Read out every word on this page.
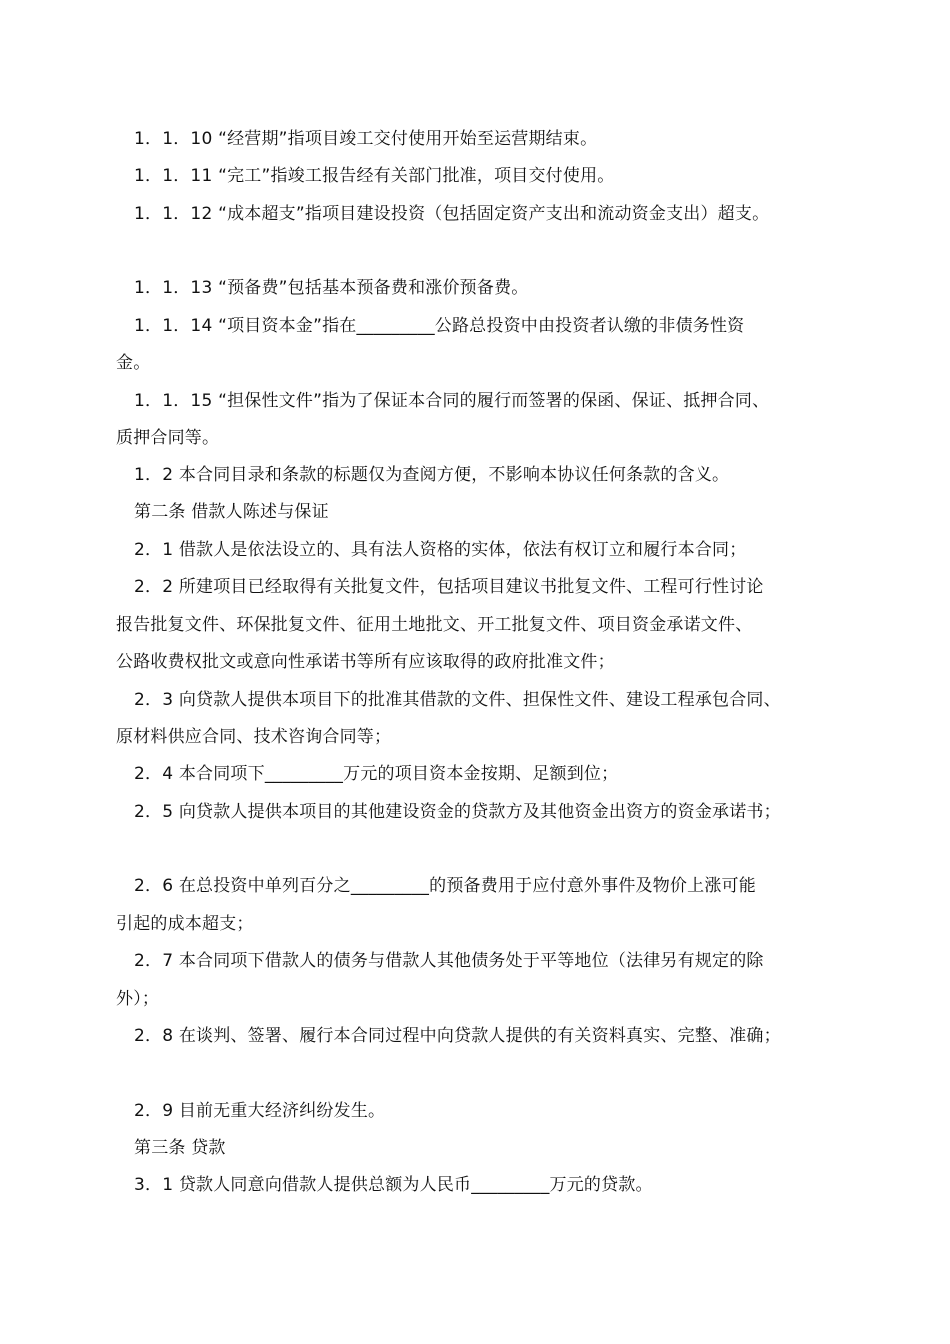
1．1．10 “经营期”指项目竣工交付使用开始至运营期结束。
1．1．11 “完工”指竣工报告经有关部门批准，项目交付使用。
1．1．12 “成本超支”指项目建设投资（包括固定资产支出和流动资金支出）超支。
1．1．13 “预备费”包括基本预备费和涨价预备费。
1．1．14 “项目资本金”指在_________公路总投资中由投资者认缴的非债务性资
金。
1．1．15 “担保性文件”指为了保证本合同的履行而签署的保函、保证、抵押合同、
质押合同等。
1．2 本合同目录和条款的标题仅为查阅方便，不影响本协议任何条款的含义。
第二条 借款人陈述与保证
2．1 借款人是依法设立的、具有法人资格的实体，依法有权订立和履行本合同；
2．2 所建项目已经取得有关批复文件，包括项目建议书批复文件、工程可行性讨论
报告批复文件、环保批复文件、征用土地批文、开工批复文件、项目资金承诺文件、
公路收费权批文或意向性承诺书等所有应该取得的政府批准文件；
2．3 向贷款人提供本项目下的批准其借款的文件、担保性文件、建设工程承包合同、
原材料供应合同、技术咨询合同等；
2．4 本合同项下_________万元的项目资本金按期、足额到位；
2．5 向贷款人提供本项目的其他建设资金的贷款方及其他资金出资方的资金承诺书；
2．6 在总投资中单列百分之_________的预备费用于应付意外事件及物价上涨可能
引起的成本超支；
2．7 本合同项下借款人的债务与借款人其他债务处于平等地位（法律另有规定的除
外）；
2．8 在谈判、签署、履行本合同过程中向贷款人提供的有关资料真实、完整、准确；
2．9 目前无重大经济纠纷发生。
第三条 贷款
3．1 贷款人同意向借款人提供总额为人民币_________万元的贷款。
